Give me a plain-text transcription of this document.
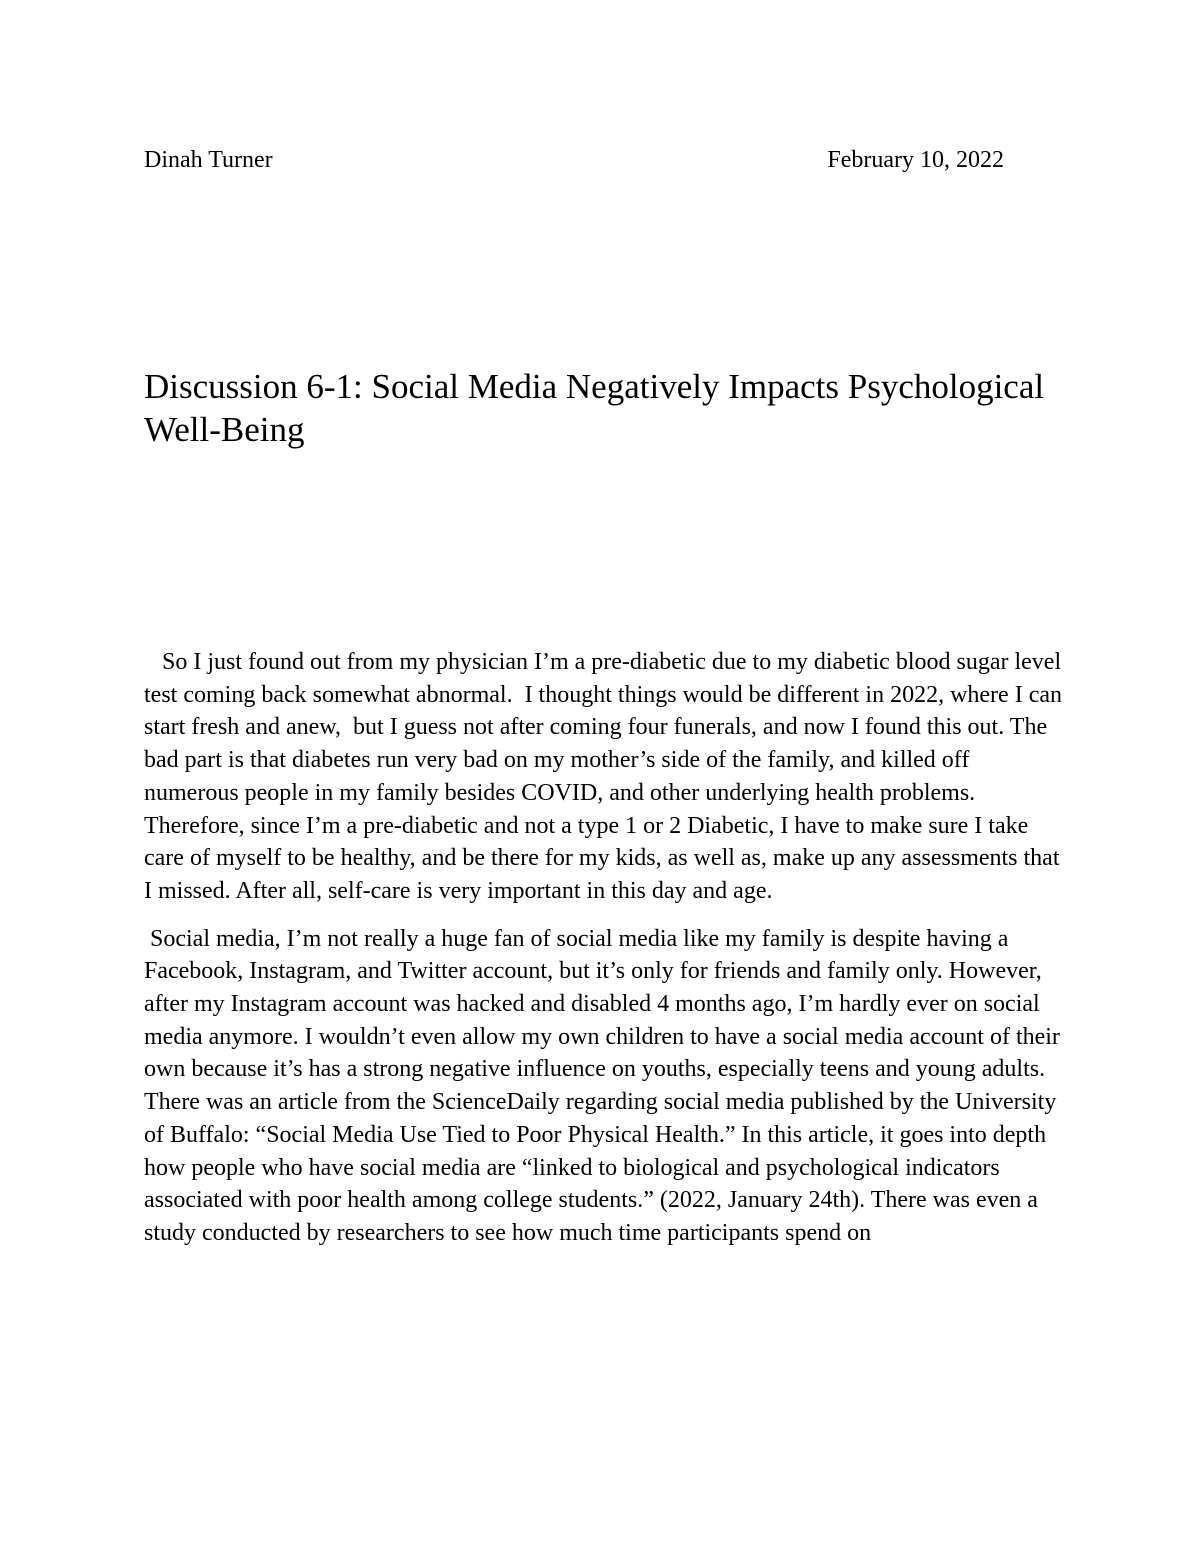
Dinah Turner	February 10, 2022
Discussion 6-1: Social Media Negatively Impacts Psychological Well-Being

So I just found out from my physician I’m a pre-diabetic due to my diabetic blood sugar level test coming back somewhat abnormal.  I thought things would be different in 2022, where I can start fresh and anew,  but I guess not after coming four funerals, and now I found this out. The bad part is that diabetes run very bad on my mother’s side of the family, and killed off numerous people in my family besides COVID, and other underlying health problems. Therefore, since I’m a pre-diabetic and not a type 1 or 2 Diabetic, I have to make sure I take care of myself to be healthy, and be there for my kids, as well as, make up any assessments that I missed. After all, self-care is very important in this day and age.

Social media, I’m not really a huge fan of social media like my family is despite having a Facebook, Instagram, and Twitter account, but it’s only for friends and family only. However, after my Instagram account was hacked and disabled 4 months ago, I’m hardly ever on social media anymore. I wouldn’t even allow my own children to have a social media account of their own because it’s has a strong negative influence on youths, especially teens and young adults. There was an article from the ScienceDaily regarding social media published by the University of Buffalo: “Social Media Use Tied to Poor Physical Health.” In this article, it goes into depth how people who have social media are “linked to biological and psychological indicators associated with poor health among college students.” (2022, January 24th). There was even a study conducted by researchers to see how much time participants spend on
